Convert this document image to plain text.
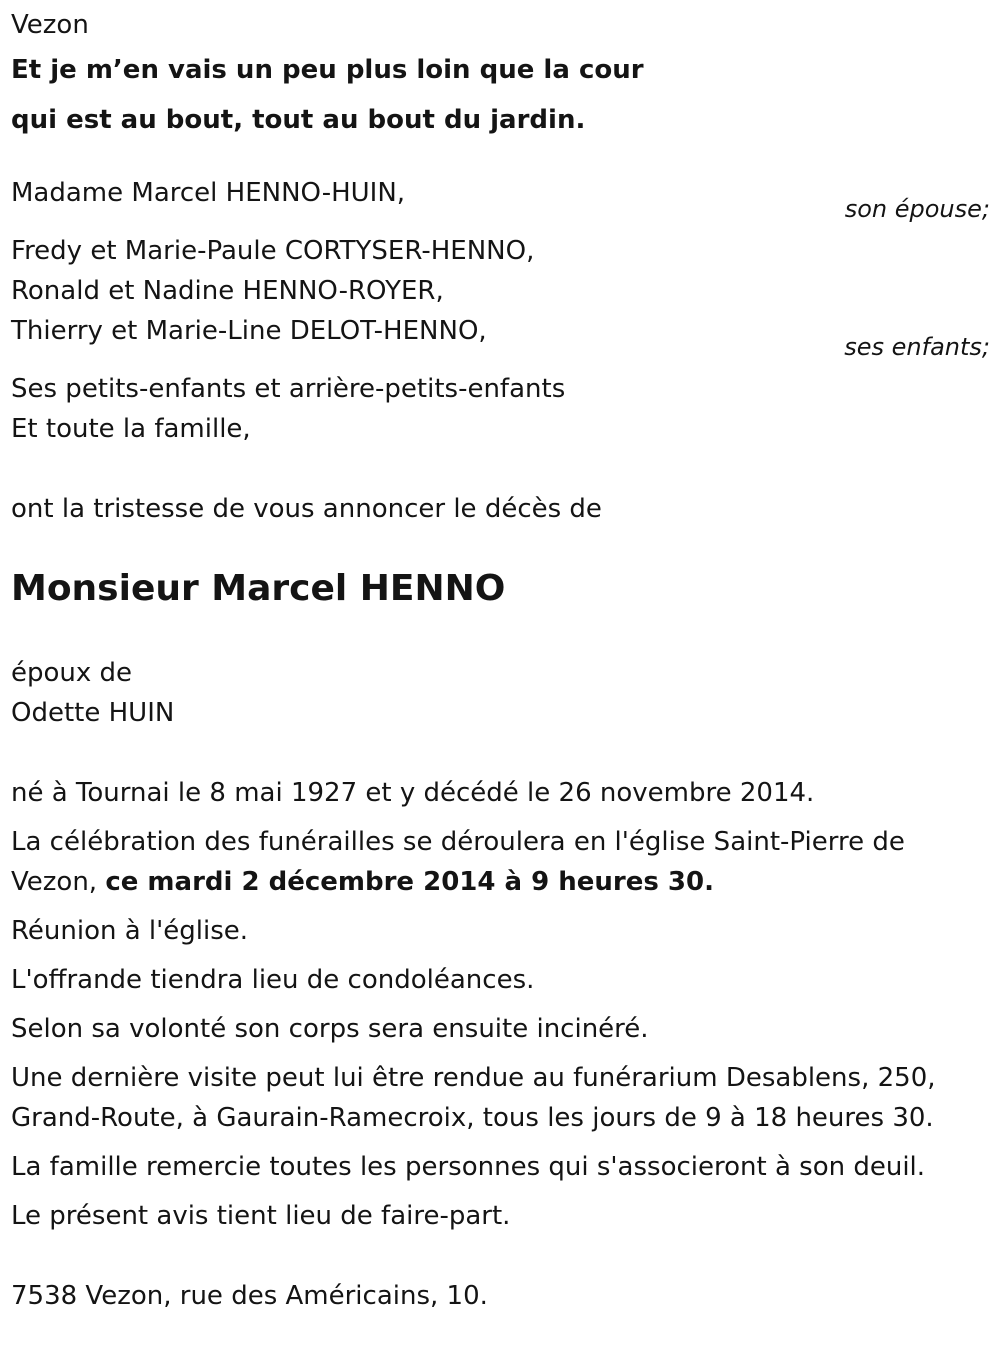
Vezon
Et je m’en vais un peu plus loin que la cour
qui est au bout, tout au bout du jardin.
Madame Marcel HENNO-HUIN,
son épouse;
Fredy et Marie-Paule CORTYSER-HENNO,
Ronald et Nadine HENNO-ROYER,
Thierry et Marie-Line DELOT-HENNO,
ses enfants;
Ses petits-enfants et arrière-petits-enfants
Et toute la famille,
ont la tristesse de vous annoncer le décès de
Monsieur Marcel HENNO
époux de
Odette HUIN
né à Tournai le 8 mai 1927 et y décédé le 26 novembre 2014.
La célébration des funérailles se déroulera en l'église Saint-Pierre de
Vezon, ce mardi 2 décembre 2014 à 9 heures 30.
Réunion à l'église.
L'offrande tiendra lieu de condoléances.
Selon sa volonté son corps sera ensuite incinéré.
Une dernière visite peut lui être rendue au funérarium Desablens, 250,
Grand-Route, à Gaurain-Ramecroix, tous les jours de 9 à 18 heures 30.
La famille remercie toutes les personnes qui s'associeront à son deuil.
Le présent avis tient lieu de faire-part.
7538 Vezon, rue des Américains, 10.
